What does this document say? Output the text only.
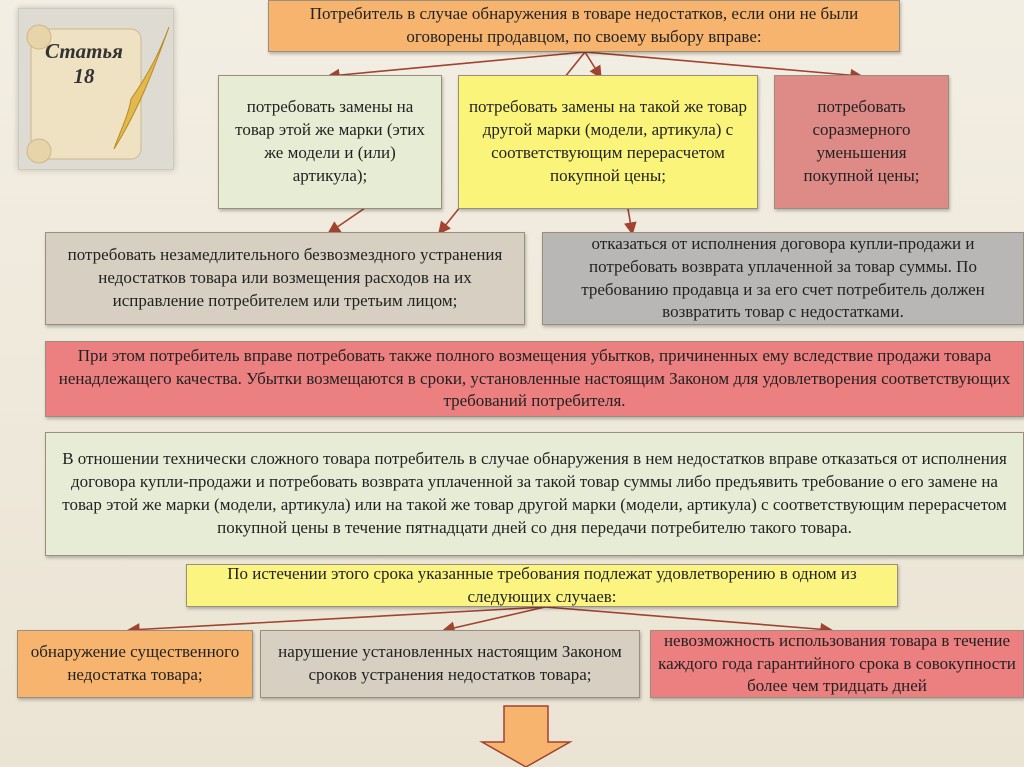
Статья
18
Потребитель в случае обнаружения в товаре недостатков, если они не были оговорены продавцом, по своему выбору вправе:
потребовать замены на товар этой же марки (этих же модели и (или) артикула);
потребовать замены на такой же товар другой марки (модели, артикула) с соответствующим перерасчетом покупной цены;
потребовать соразмерного уменьшения покупной цены;
потребовать незамедлительного безвозмездного устранения недостатков товара или возмещения расходов на их исправление потребителем или третьим лицом;
отказаться от исполнения договора купли-продажи и потребовать возврата уплаченной за товар суммы. По требованию продавца и за его счет потребитель должен возвратить товар с недостатками.
При этом потребитель вправе потребовать также полного возмещения убытков, причиненных ему вследствие продажи товара ненадлежащего качества. Убытки возмещаются в сроки, установленные настоящим Законом для удовлетворения соответствующих требований потребителя.
В отношении технически сложного товара потребитель в случае обнаружения в нем недостатков вправе отказаться от исполнения договора купли-продажи и потребовать возврата уплаченной за такой товар суммы либо предъявить требование о его замене на товар этой же марки (модели, артикула) или на такой же товар другой марки (модели, артикула) с соответствующим перерасчетом покупной цены в течение пятнадцати дней со дня передачи потребителю такого товара.
По истечении этого срока указанные требования подлежат удовлетворению в одном из следующих случаев:
обнаружение существенного недостатка товара;
нарушение установленных настоящим Законом сроков устранения недостатков товара;
невозможность использования товара в течение каждого года гарантийного срока в совокупности более чем тридцать дней
